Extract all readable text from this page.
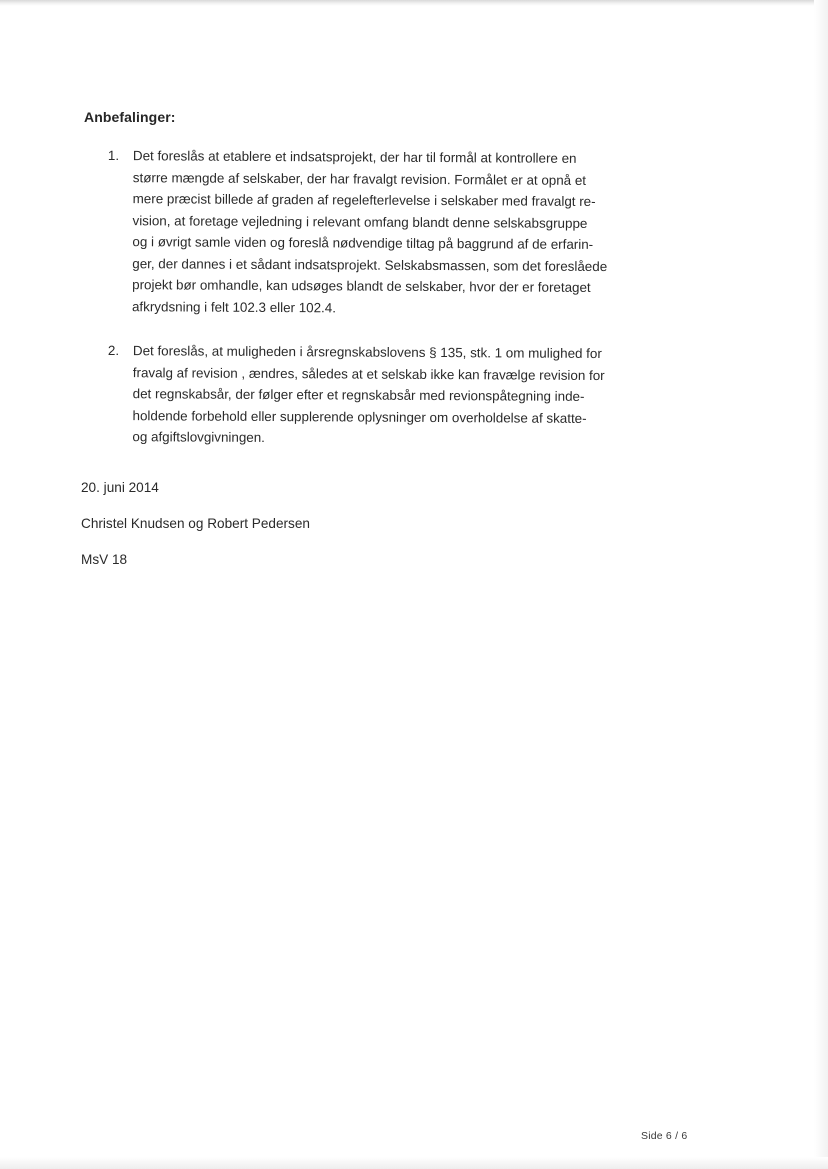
Anbefalinger:
1.	Det foreslås at etablere et indsatsprojekt, der har til formål at kontrollere en
større mængde af selskaber, der har fravalgt revision. Formålet er at opnå et
mere præcist billede af graden af regelefterlevelse i selskaber med fravalgt re-
vision, at foretage vejledning i relevant omfang blandt denne selskabsgruppe
og i øvrigt samle viden og foreslå nødvendige tiltag på baggrund af de erfarin-
ger, der dannes i et sådant indsatsprojekt. Selskabsmassen, som det foreslåede
projekt bør omhandle, kan udsøges blandt de selskaber, hvor der er foretaget
afkrydsning i felt 102.3 eller 102.4.
2.	Det foreslås, at muligheden i årsregnskabslovens § 135, stk. 1 om mulighed for
fravalg af revision , ændres, således at et selskab ikke kan fravælge revision for
det regnskabsår, der følger efter et regnskabsår med revionspåtegning inde-
holdende forbehold eller supplerende oplysninger om overholdelse af skatte-
og afgiftslovgivningen.
20. juni 2014
Christel Knudsen og Robert Pedersen
MsV 18
Side 6 / 6
